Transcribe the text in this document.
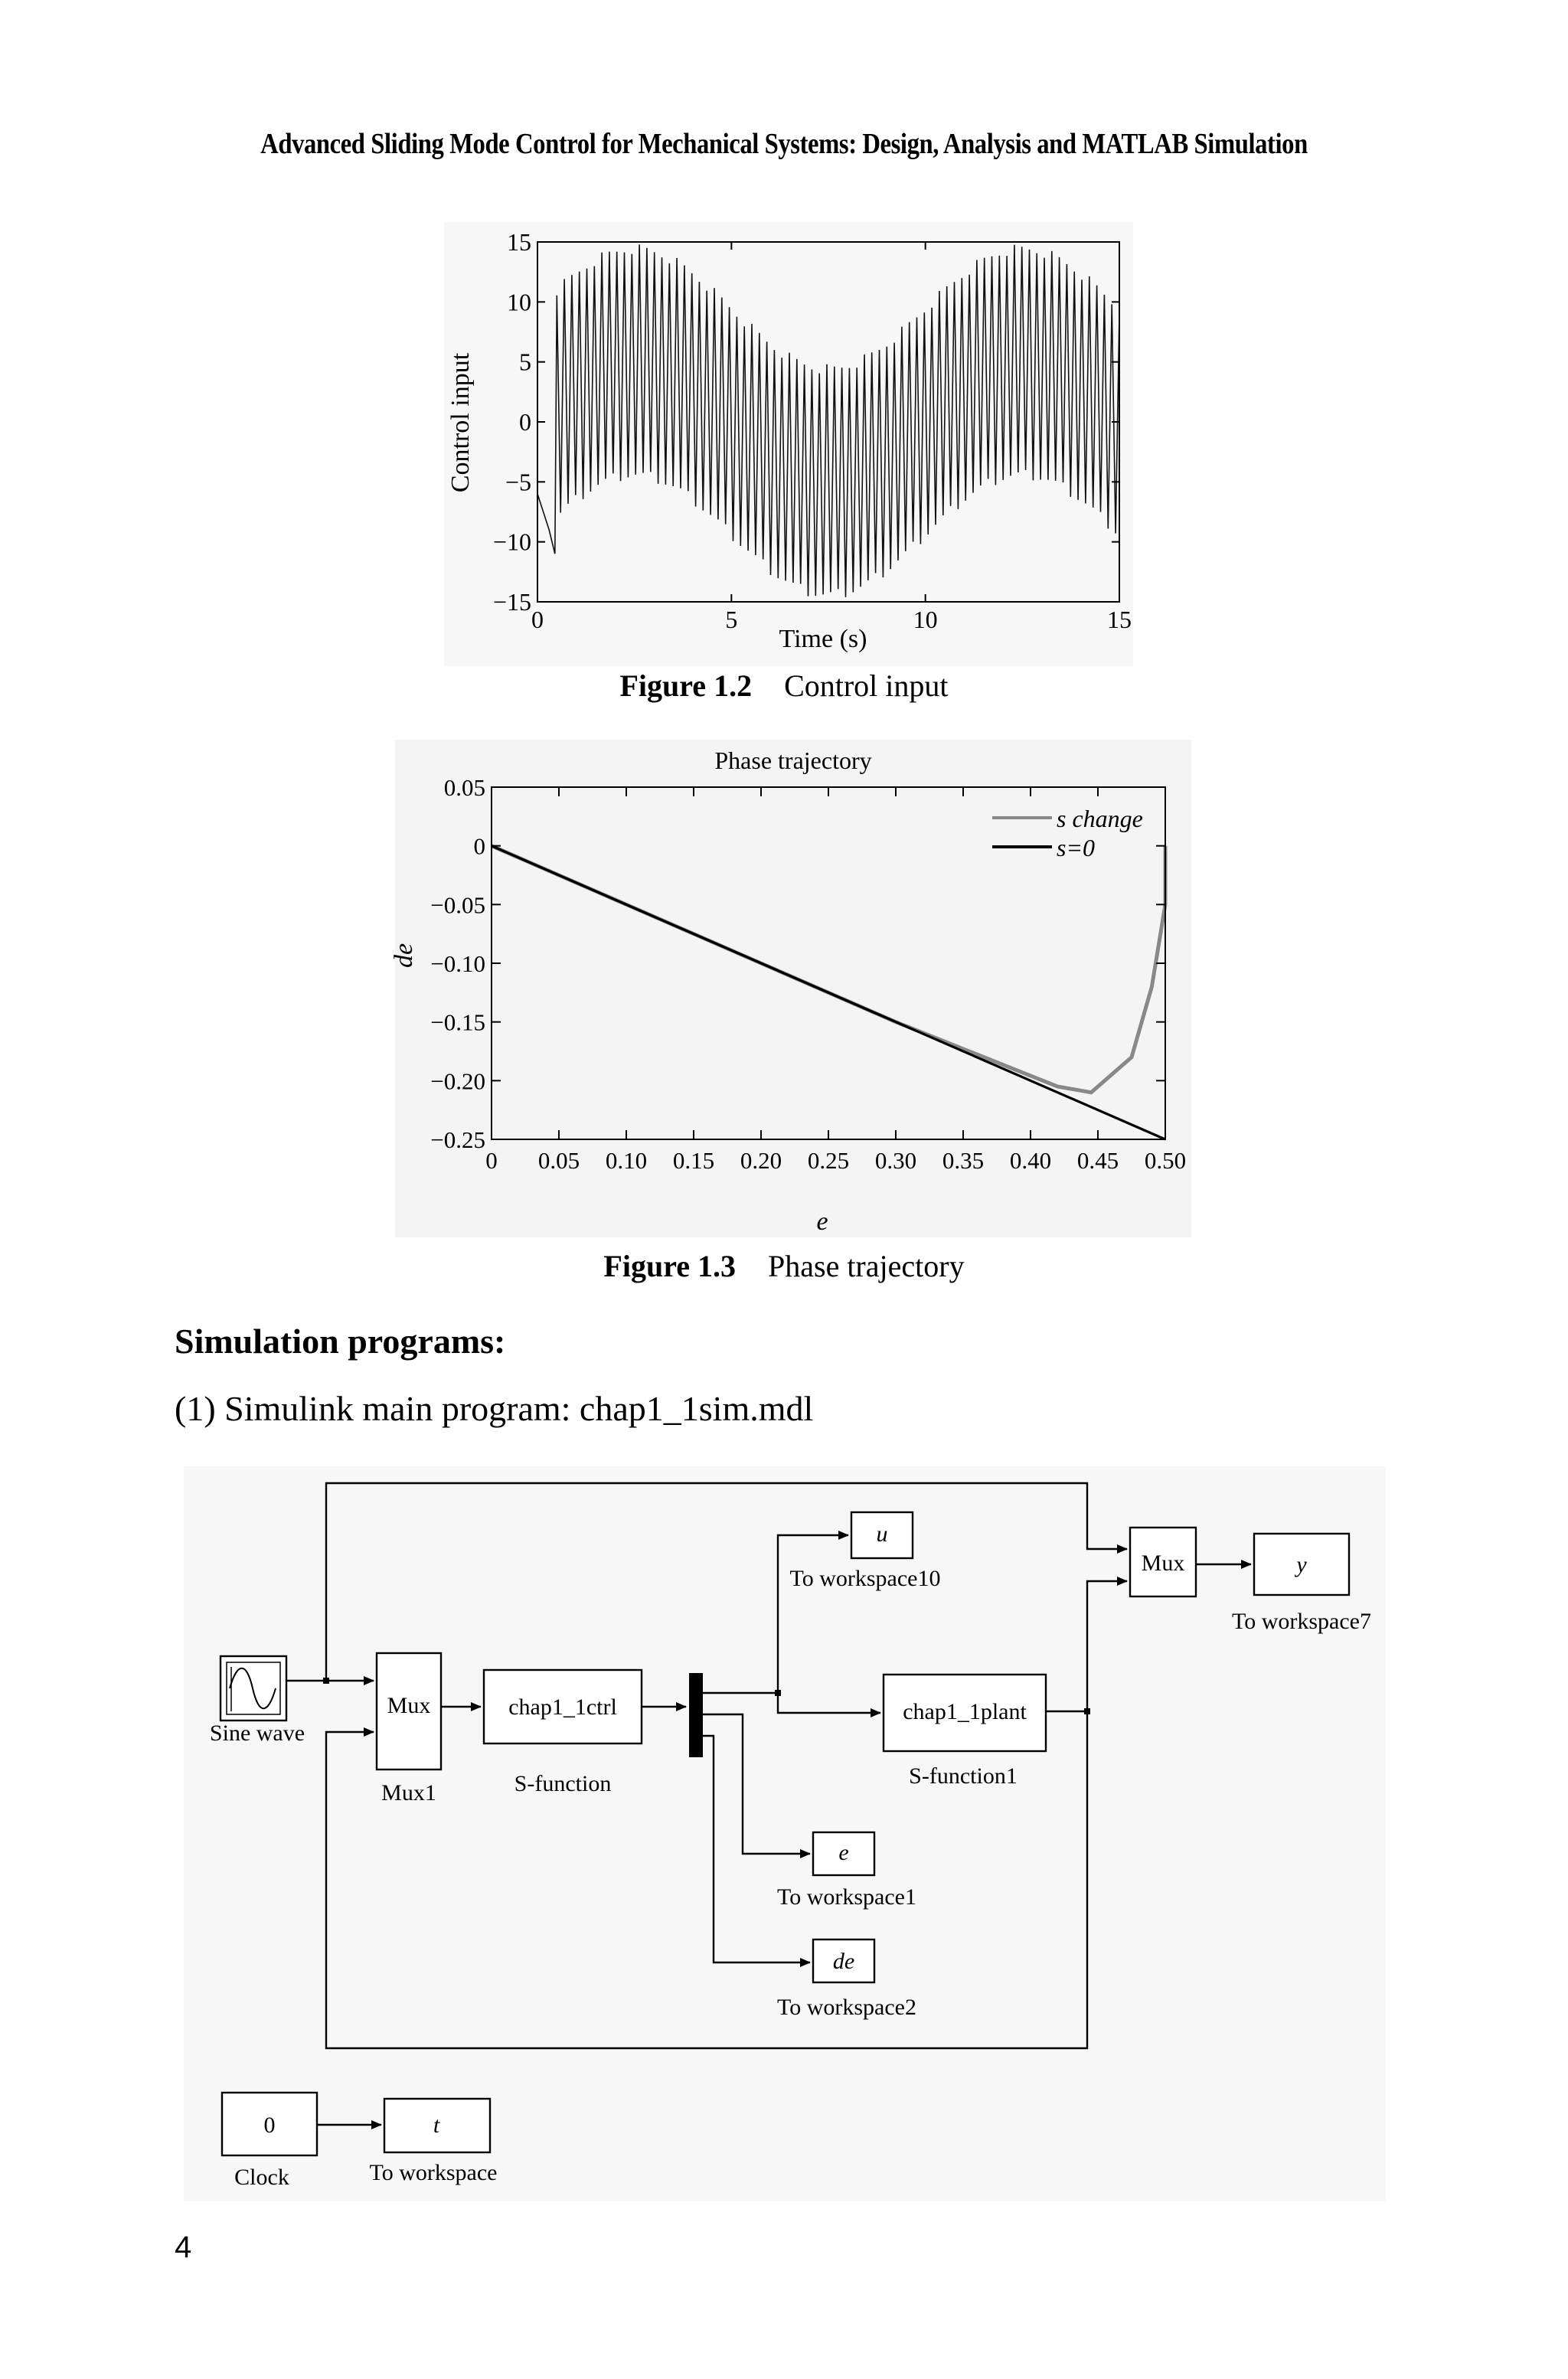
Advanced Sliding Mode Control for Mechanical Systems: Design, Analysis and MATLAB Simulation
0	5	10	15
15
10
5
0
−5
−10
−15
Control input
Time (s)
Figure 1.2 Control input
Phase trajectory
0 0.05 0.10 0.15 0.20 0.25 0.30 0.35 0.40 0.45 0.50
0.05
0
−0.05
−0.10
−0.15
−0.20
−0.25
s change
s=0
de
e
Figure 1.3 Phase trajectory
Simulation programs:
(1) Simulink main program: chap1_1sim.mdl
Sine wave
Mux
Mux1
chap1_1ctrl
S-function
u
To workspace10
chap1_1plant
S-function1
Mux	y
To workspace7
e
To workspace1
de
To workspace2
0
Clock
t
To workspace
4
